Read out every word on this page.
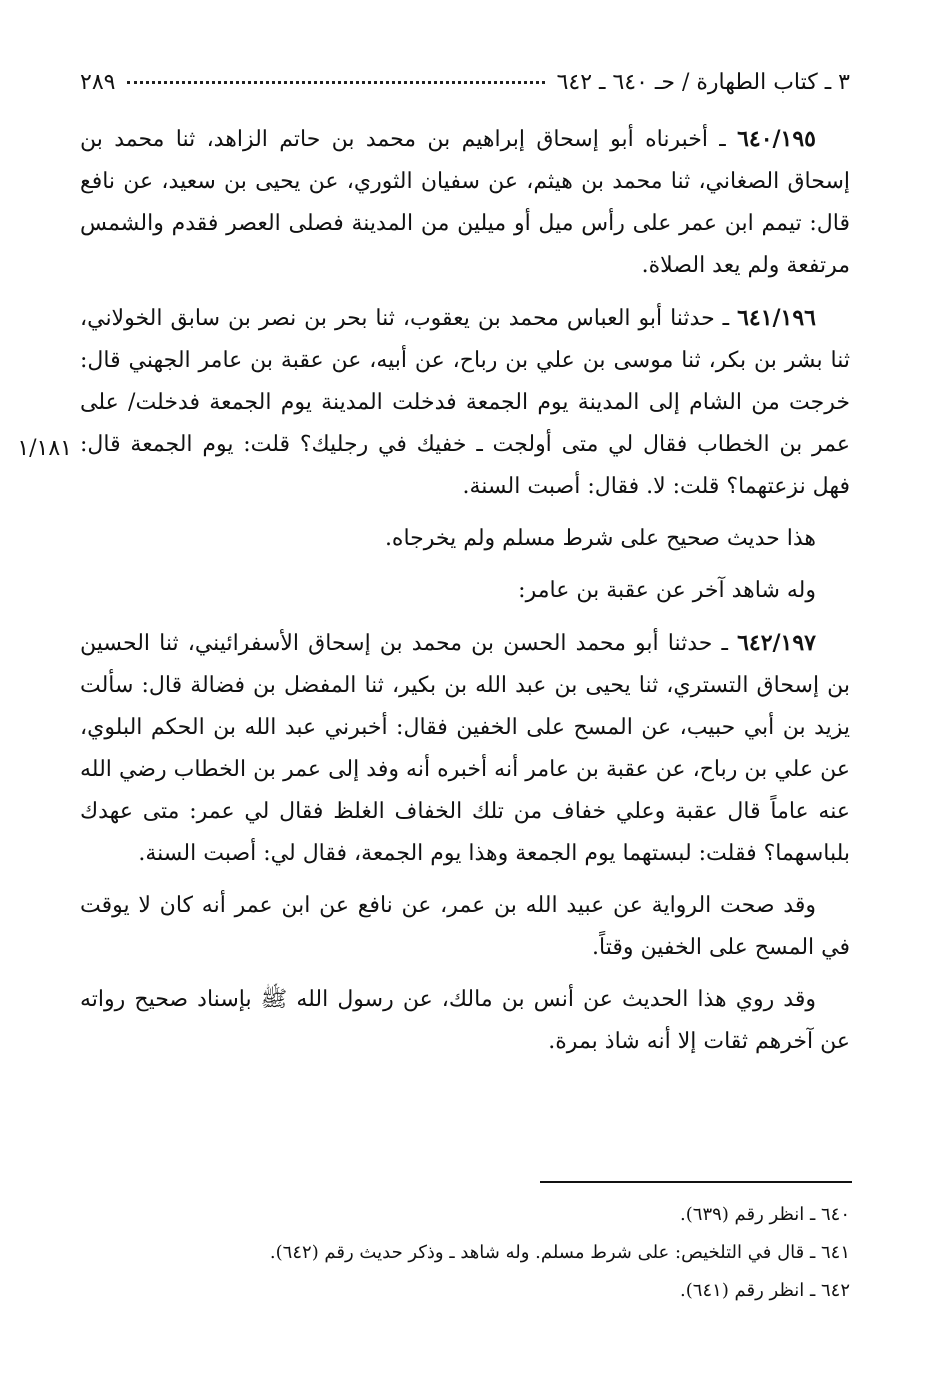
٣ ـ كتاب الطهارة / حـ ٦٤٠ ـ ٦٤٢
٢٨٩
١/١٨١

٦٤٠/١٩٥ ـ أخبرناه أبو إسحاق إبراهيم بن محمد بن حاتم الزاهد، ثنا محمد بن إسحاق الصغاني، ثنا محمد بن هيثم، عن سفيان الثوري، عن يحيى بن سعيد، عن نافع قال: تيمم ابن عمر على رأس ميل أو ميلين من المدينة فصلى العصر فقدم والشمس مرتفعة ولم يعد الصلاة.

٦٤١/١٩٦ ـ حدثنا أبو العباس محمد بن يعقوب، ثنا بحر بن نصر بن سابق الخولاني، ثنا بشر بن بكر، ثنا موسى بن علي بن رباح، عن أبيه، عن عقبة بن عامر الجهني قال: خرجت من الشام إلى المدينة يوم الجمعة فدخلت المدينة يوم الجمعة فدخلت/ على عمر بن الخطاب فقال لي متى أولجت ـ خفيك في رجليك؟ قلت: يوم الجمعة قال: فهل نزعتهما؟ قلت: لا. فقال: أصبت السنة.

هذا حديث صحيح على شرط مسلم ولم يخرجاه.

وله شاهد آخر عن عقبة بن عامر:

٦٤٢/١٩٧ ـ حدثنا أبو محمد الحسن بن محمد بن إسحاق الأسفرائيني، ثنا الحسين بن إسحاق التستري، ثنا يحيى بن عبد الله بن بكير، ثنا المفضل بن فضالة قال: سألت يزيد بن أبي حبيب، عن المسح على الخفين فقال: أخبرني عبد الله بن الحكم البلوي، عن علي بن رباح، عن عقبة بن عامر أنه أخبره أنه وفد إلى عمر بن الخطاب رضي الله عنه عاماً قال عقبة وعلي خفاف من تلك الخفاف الغلظ فقال لي عمر: متى عهدك بلباسهما؟ فقلت: لبستهما يوم الجمعة وهذا يوم الجمعة، فقال لي: أصبت السنة.

وقد صحت الرواية عن عبيد الله بن عمر، عن نافع عن ابن عمر أنه كان لا يوقت في المسح على الخفين وقتاً.

وقد روي هذا الحديث عن أنس بن مالك، عن رسول الله ﷺ بإسناد صحيح رواته عن آخرهم ثقات إلا أنه شاذ بمرة.

٦٤٠ ـ انظر رقم (٦٣٩).
٦٤١ ـ قال في التلخيص: على شرط مسلم. وله شاهد ـ وذكر حديث رقم (٦٤٢).
٦٤٢ ـ انظر رقم (٦٤١).
